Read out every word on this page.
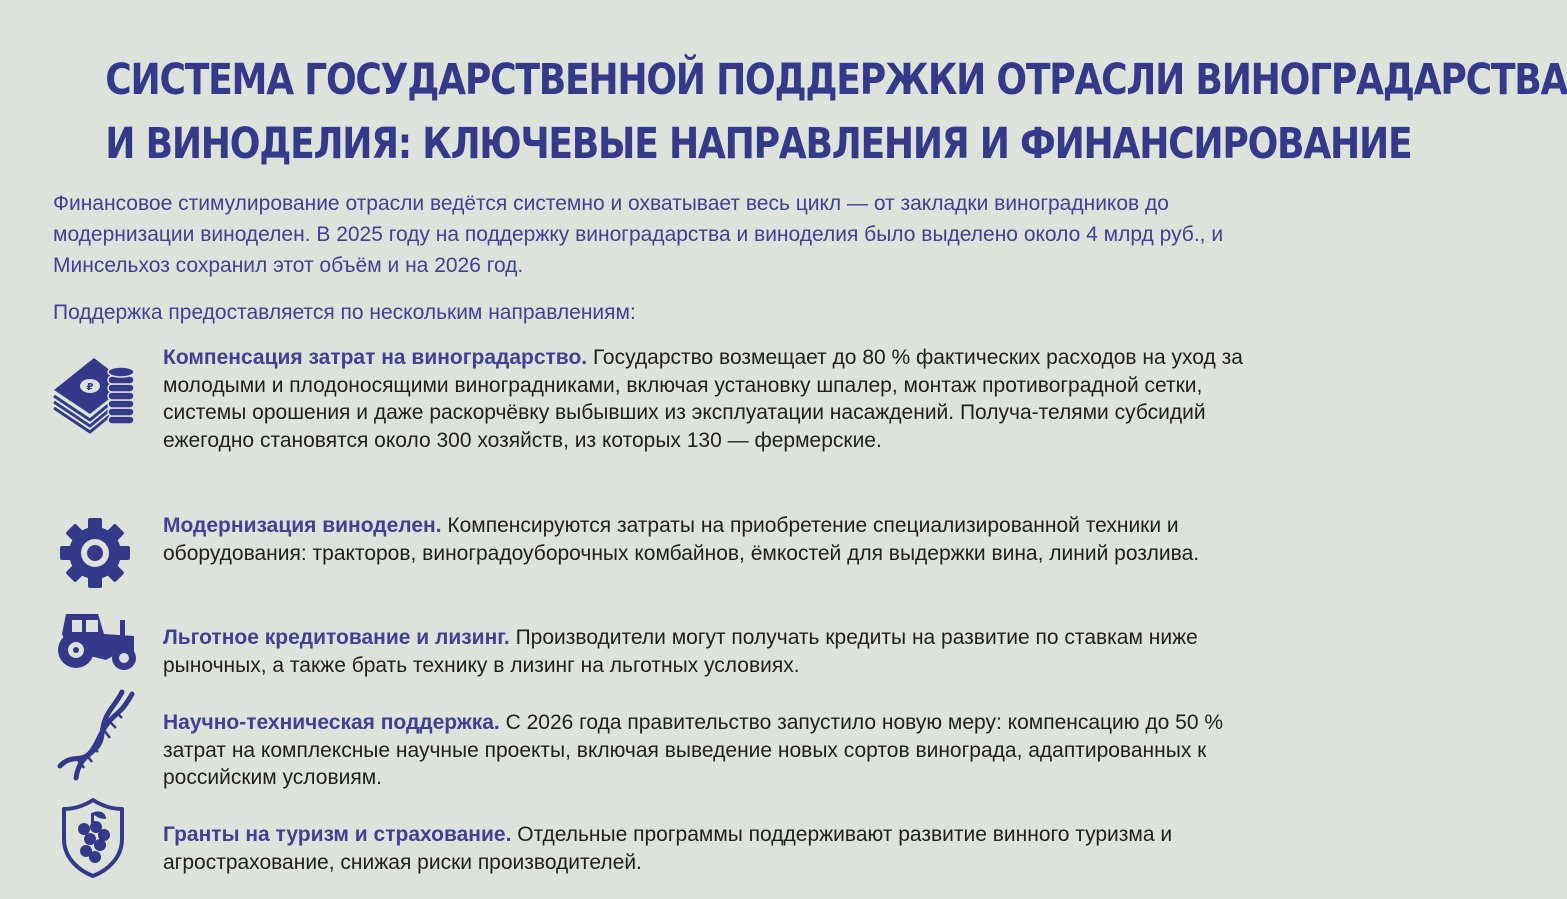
СИСТЕМА ГОСУДАРСТВЕННОЙ ПОДДЕРЖКИ ОТРАСЛИ ВИНОГРАДАРСТВА
И ВИНОДЕЛИЯ: КЛЮЧЕВЫЕ НАПРАВЛЕНИЯ И ФИНАНСИРОВАНИЕ

Финансовое стимулирование отрасли ведётся системно и охватывает весь цикл — от закладки виноградников до модернизации виноделен. В 2025 году на поддержку виноградарства и виноделия было выделено около 4 млрд руб., и Минсельхоз сохранил этот объём и на 2026 год.

Поддержка предоставляется по нескольким направлениям:

₽

Компенсация затрат на виноградарство. Государство возмещает до 80 % фактических расходов на уход за молодыми и плодоносящими виноградниками, включая установку шпалер, монтаж противоградной сетки, системы орошения и даже раскорчёвку выбывших из эксплуатации насаждений. Получа-телями субсидий ежегодно становятся около 300 хозяйств, из которых 130 — фермерские.

Модернизация виноделен. Компенсируются затраты на приобретение специализированной техники и оборудования: тракторов, виноградоуборочных комбайнов, ёмкостей для выдержки вина, линий розлива.

Льготное кредитование и лизинг. Производители могут получать кредиты на развитие по ставкам ниже рыночных, а также брать технику в лизинг на льготных условиях.

Научно-техническая поддержка. С 2026 года правительство запустило новую меру: компенсацию до 50 % затрат на комплексные научные проекты, включая выведение новых сортов винограда, адаптированных к российским условиям.

Гранты на туризм и страхование. Отдельные программы поддерживают развитие винного туризма и агрострахование, снижая риски производителей.
